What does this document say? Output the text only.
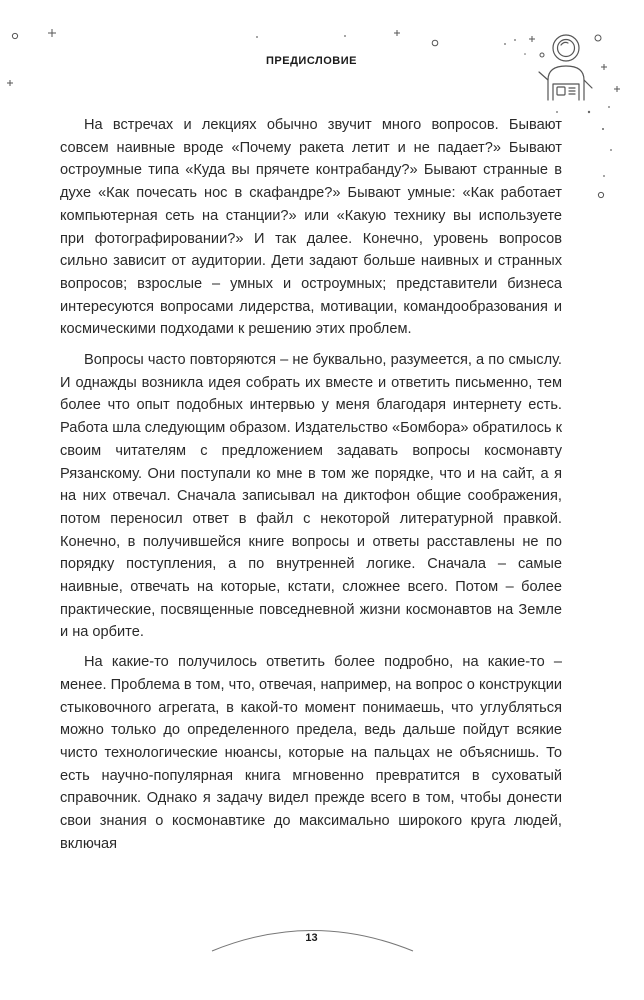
ПРЕДИСЛОВИЕ

На встречах и лекциях обычно звучит много вопросов. Бывают совсем наивные вроде «Почему ракета летит и не падает?» Бывают остроумные типа «Куда вы прячете контрабанду?» Бывают странные в духе «Как почесать нос в скафандре?» Бывают умные: «Как работает компьютерная сеть на станции?» или «Какую технику вы используете при фотографировании?» И так далее. Конечно, уровень вопросов сильно зависит от аудитории. Дети задают больше наивных и странных вопросов; взрослые – умных и остроумных; представители бизнеса интересуются вопросами лидерства, мотивации, командообразования и космическими подходами к решению этих проблем.

Вопросы часто повторяются – не буквально, разумеется, а по смыслу. И однажды возникла идея собрать их вместе и ответить письменно, тем более что опыт подобных интервью у меня благодаря интернету есть. Работа шла следующим образом. Издательство «Бомбора» обратилось к своим читателям с предложением задавать вопросы космонавту Рязанскому. Они поступали ко мне в том же порядке, что и на сайт, а я на них отвечал. Сначала записывал на диктофон общие соображения, потом переносил ответ в файл с некоторой литературной правкой. Конечно, в получившейся книге вопросы и ответы расставлены не по порядку поступления, а по внутренней логике. Сначала – самые наивные, отвечать на которые, кстати, сложнее всего. Потом – более практические, посвященные повседневной жизни космонавтов на Земле и на орбите.

На какие-то получилось ответить более подробно, на какие-то – менее. Проблема в том, что, отвечая, например, на вопрос о конструкции стыковочного агрегата, в какой-то момент понимаешь, что углубляться можно только до определенного предела, ведь дальше пойдут всякие чисто технологические нюансы, которые на пальцах не объяснишь. То есть научно-популярная книга мгновенно превратится в суховатый справочник. Однако я задачу видел прежде всего в том, чтобы донести свои знания о космонавтике до максимально широкого круга людей, включая

13
